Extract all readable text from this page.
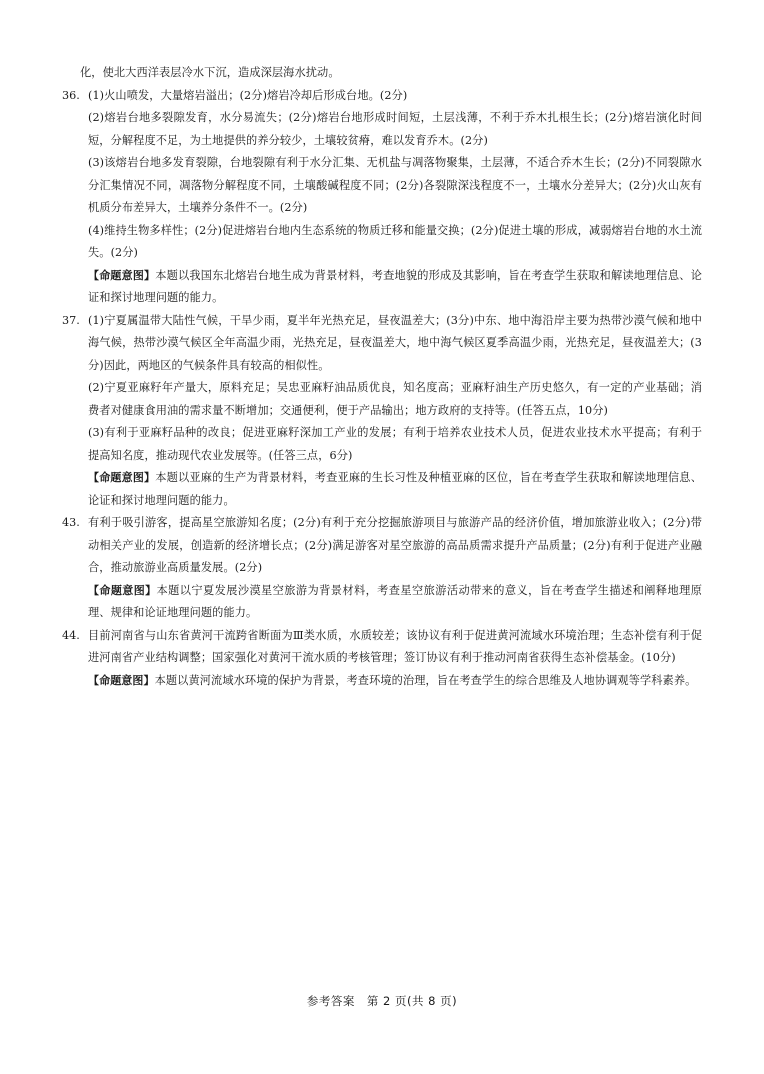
化，使北大西洋表层冷水下沉，造成深层海水扰动。

36. (1)火山喷发，大量熔岩溢出；(2分)熔岩冷却后形成台地。(2分)

(2)熔岩台地多裂隙发育，水分易流失；(2分)熔岩台地形成时间短，土层浅薄，不利于乔木扎根生长；(2分)熔岩演化时间短，分解程度不足，为土地提供的养分较少，土壤较贫瘠，难以发育乔木。(2分)

(3)该熔岩台地多发育裂隙，台地裂隙有利于水分汇集、无机盐与凋落物聚集，土层薄，不适合乔木生长；(2分)不同裂隙水分汇集情况不同，凋落物分解程度不同，土壤酸碱程度不同；(2分)各裂隙深浅程度不一，土壤水分差异大；(2分)火山灰有机质分布差异大，土壤养分条件不一。(2分)

(4)维持生物多样性；(2分)促进熔岩台地内生态系统的物质迁移和能量交换；(2分)促进土壤的形成，减弱熔岩台地的水土流失。(2分)

【命题意图】本题以我国东北熔岩台地生成为背景材料，考查地貌的形成及其影响，旨在考查学生获取和解读地理信息、论证和探讨地理问题的能力。

37. (1)宁夏属温带大陆性气候，干旱少雨，夏半年光热充足，昼夜温差大；(3分)中东、地中海沿岸主要为热带沙漠气候和地中海气候，热带沙漠气候区全年高温少雨，光热充足，昼夜温差大，地中海气候区夏季高温少雨，光热充足，昼夜温差大；(3分)因此，两地区的气候条件具有较高的相似性。

(2)宁夏亚麻籽年产量大，原料充足；吴忠亚麻籽油品质优良，知名度高；亚麻籽油生产历史悠久，有一定的产业基础；消费者对健康食用油的需求量不断增加；交通便利，便于产品输出；地方政府的支持等。(任答五点，10分)

(3)有利于亚麻籽品种的改良；促进亚麻籽深加工产业的发展；有利于培养农业技术人员，促进农业技术水平提高；有利于提高知名度，推动现代农业发展等。(任答三点，6分)

【命题意图】本题以亚麻的生产为背景材料，考查亚麻的生长习性及种植亚麻的区位，旨在考查学生获取和解读地理信息、论证和探讨地理问题的能力。

43. 有利于吸引游客，提高星空旅游知名度；(2分)有利于充分挖掘旅游项目与旅游产品的经济价值，增加旅游业收入；(2分)带动相关产业的发展，创造新的经济增长点；(2分)满足游客对星空旅游的高品质需求提升产品质量；(2分)有利于促进产业融合，推动旅游业高质量发展。(2分)

【命题意图】本题以宁夏发展沙漠星空旅游为背景材料，考查星空旅游活动带来的意义，旨在考查学生描述和阐释地理原理、规律和论证地理问题的能力。

44. 目前河南省与山东省黄河干流跨省断面为Ⅲ类水质，水质较差；该协议有利于促进黄河流域水环境治理；生态补偿有利于促进河南省产业结构调整；国家强化对黄河干流水质的考核管理；签订协议有利于推动河南省获得生态补偿基金。(10分)

【命题意图】本题以黄河流域水环境的保护为背景，考查环境的治理，旨在考查学生的综合思维及人地协调观等学科素养。

参考答案　第 2 页(共 8 页)
